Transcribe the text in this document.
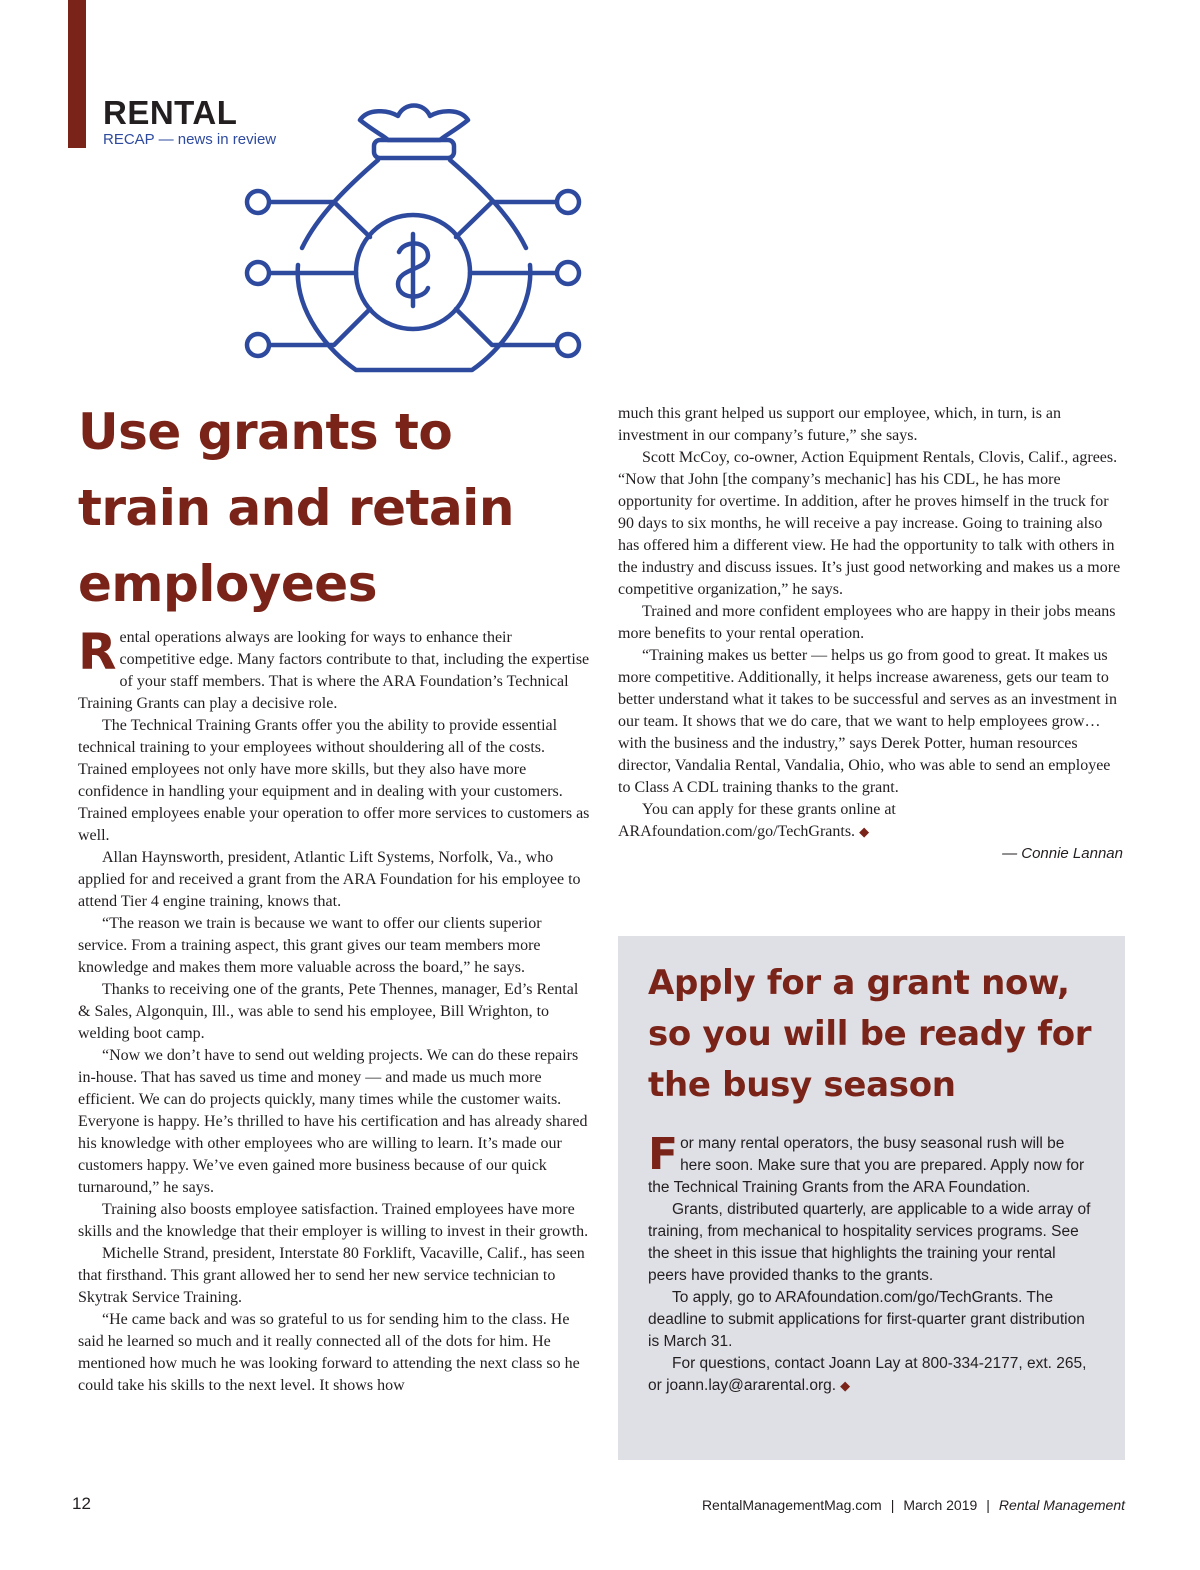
RENTAL
RECAP — news in review
Use grants to train and retain employees

Rental operations always are looking for ways to enhance their competitive edge. Many factors contribute to that, including the expertise of your staff members. That is where the ARA Foundation’s Technical Training Grants can play a decisive role.

The Technical Training Grants offer you the ability to provide essential technical training to your employees without shouldering all of the costs. Trained employees not only have more skills, but they also have more confidence in handling your equipment and in dealing with your customers. Trained employees enable your operation to offer more services to customers as well.

Allan Haynsworth, president, Atlantic Lift Systems, Norfolk, Va., who applied for and received a grant from the ARA Foundation for his employee to attend Tier 4 engine training, knows that.

“The reason we train is because we want to offer our clients superior service. From a training aspect, this grant gives our team members more knowledge and makes them more valuable across the board,” he says.

Thanks to receiving one of the grants, Pete Thennes, manager, Ed’s Rental & Sales, Algonquin, Ill., was able to send his employee, Bill Wrighton, to welding boot camp.

“Now we don’t have to send out welding projects. We can do these repairs in-house. That has saved us time and money — and made us much more efficient. We can do projects quickly, many times while the customer waits. Everyone is happy. He’s thrilled to have his certification and has already shared his knowledge with other employees who are willing to learn. It’s made our customers happy. We’ve even gained more business because of our quick turnaround,” he says.

Training also boosts employee satisfaction. Trained employees have more skills and the knowledge that their employer is willing to invest in their growth.

Michelle Strand, president, Interstate 80 Forklift, Vacaville, Calif., has seen that firsthand. This grant allowed her to send her new service technician to Skytrak Service Training.

“He came back and was so grateful to us for sending him to the class. He said he learned so much and it really connected all of the dots for him. He mentioned how much he was looking forward to attending the next class so he could take his skills to the next level. It shows how

much this grant helped us support our employee, which, in turn, is an investment in our company’s future,” she says.

Scott McCoy, co-owner, Action Equipment Rentals, Clovis, Calif., agrees. “Now that John [the company’s mechanic] has his CDL, he has more opportunity for overtime. In addition, after he proves himself in the truck for 90 days to six months, he will receive a pay increase. Going to training also has offered him a different view. He had the opportunity to talk with others in the industry and discuss issues. It’s just good networking and makes us a more competitive organization,” he says.

Trained and more confident employees who are happy in their jobs means more benefits to your rental operation.

“Training makes us better — helps us go from good to great. It makes us more competitive. Additionally, it helps increase awareness, gets our team to better understand what it takes to be successful and serves as an investment in our team. It shows that we do care, that we want to help employees grow…with the business and the industry,” says Derek Potter, human resources director, Vandalia Rental, Vandalia, Ohio, who was able to send an employee to Class A CDL training thanks to the grant.

You can apply for these grants online at ARAfoundation.com/go/TechGrants. ◆

— Connie Lannan

Apply for a grant now, so you will be ready for the busy season

For many rental operators, the busy seasonal rush will be here soon. Make sure that you are prepared. Apply now for the Technical Training Grants from the ARA Foundation.

Grants, distributed quarterly, are applicable to a wide array of training, from mechanical to hospitality services programs. See the sheet in this issue that highlights the training your rental peers have provided thanks to the grants.

To apply, go to ARAfoundation.com/go/TechGrants. The deadline to submit applications for first-quarter grant distribution is March 31.

For questions, contact Joann Lay at 800-334-2177, ext. 265, or joann.lay@ararental.org. ◆

12	RentalManagementMag.com | March 2019 | Rental Management
